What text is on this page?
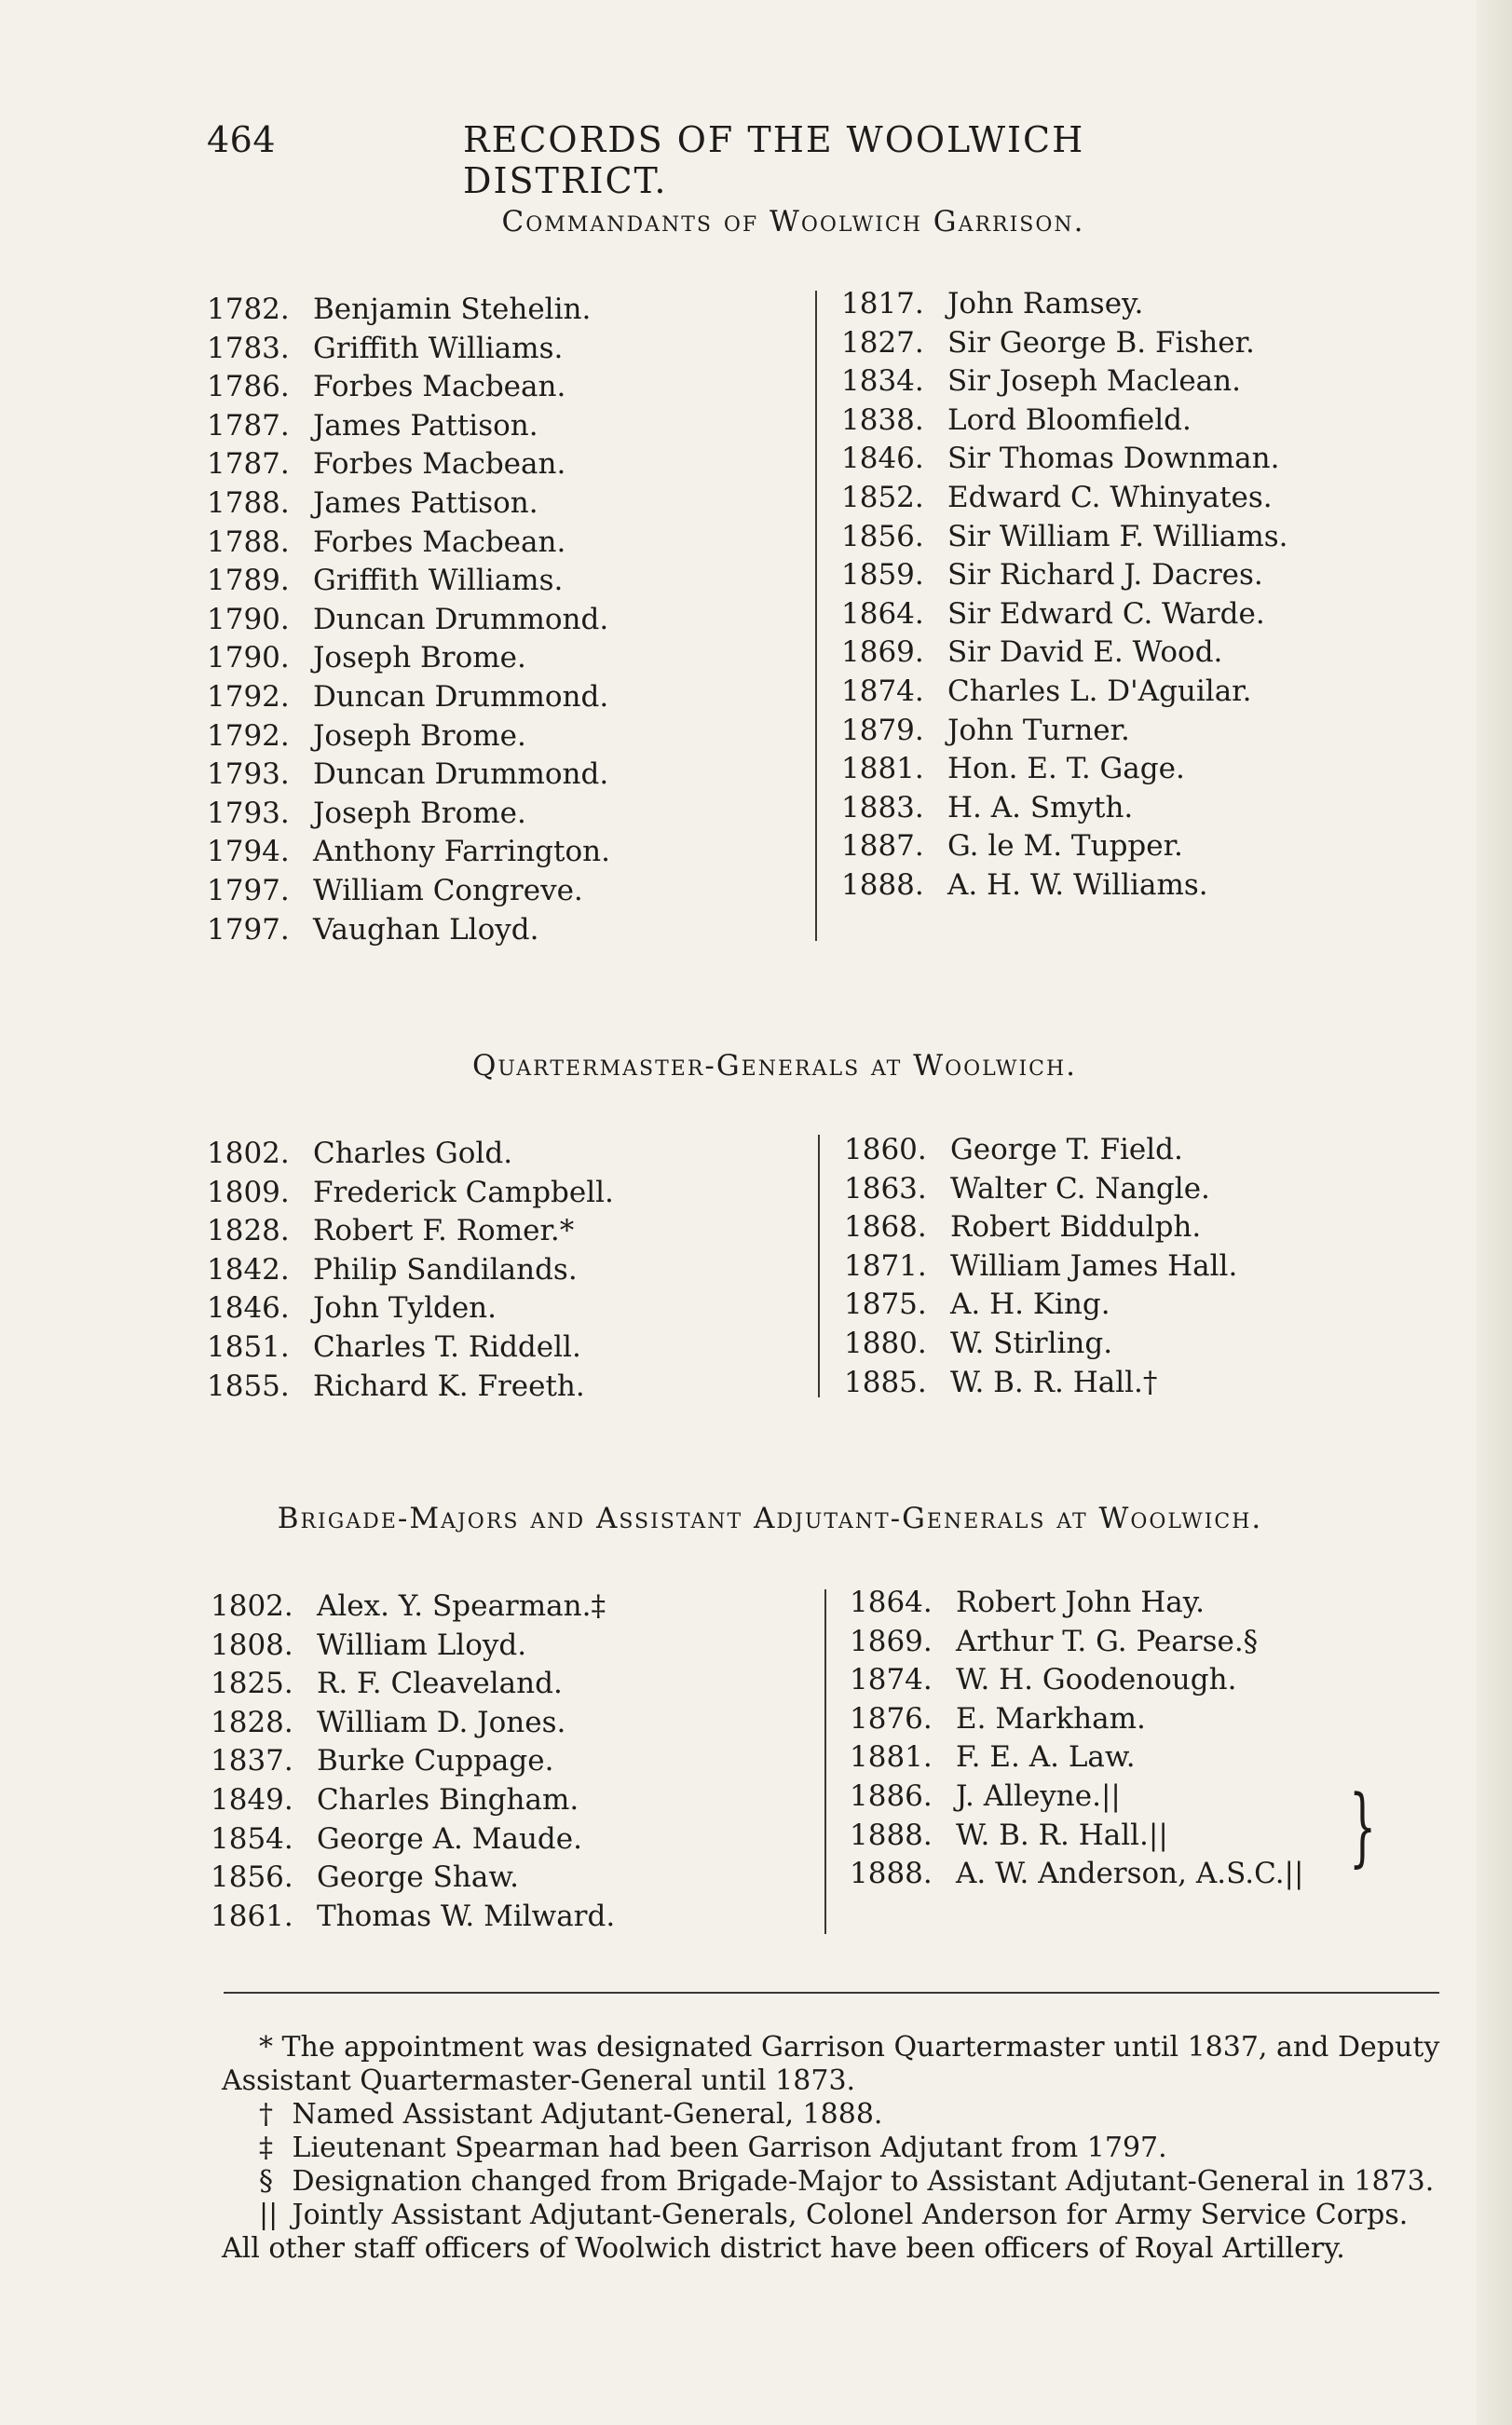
464	RECORDS OF THE WOOLWICH DISTRICT.
Commandants of Woolwich Garrison.
1782. Benjamin Stehelin.
1783. Griffith Williams.
1786. Forbes Macbean.
1787. James Pattison.
1787. Forbes Macbean.
1788. James Pattison.
1788. Forbes Macbean.
1789. Griffith Williams.
1790. Duncan Drummond.
1790. Joseph Brome.
1792. Duncan Drummond.
1792. Joseph Brome.
1793. Duncan Drummond.
1793. Joseph Brome.
1794. Anthony Farrington.
1797. William Congreve.
1797. Vaughan Lloyd.
1817. John Ramsey.
1827. Sir George B. Fisher.
1834. Sir Joseph Maclean.
1838. Lord Bloomfield.
1846. Sir Thomas Downman.
1852. Edward C. Whinyates.
1856. Sir William F. Williams.
1859. Sir Richard J. Dacres.
1864. Sir Edward C. Warde.
1869. Sir David E. Wood.
1874. Charles L. D'Aguilar.
1879. John Turner.
1881. Hon. E. T. Gage.
1883. H. A. Smyth.
1887. G. le M. Tupper.
1888. A. H. W. Williams.
Quartermaster-Generals at Woolwich.
1802. Charles Gold.
1809. Frederick Campbell.
1828. Robert F. Romer.*
1842. Philip Sandilands.
1846. John Tylden.
1851. Charles T. Riddell.
1855. Richard K. Freeth.
1860. George T. Field.
1863. Walter C. Nangle.
1868. Robert Biddulph.
1871. William James Hall.
1875. A. H. King.
1880. W. Stirling.
1885. W. B. R. Hall.†
Brigade-Majors and Assistant Adjutant-Generals at Woolwich.
1802. Alex. Y. Spearman.‡
1808. William Lloyd.
1825. R. F. Cleaveland.
1828. William D. Jones.
1837. Burke Cuppage.
1849. Charles Bingham.
1854. George A. Maude.
1856. George Shaw.
1861. Thomas W. Milward.
1864. Robert John Hay.
1869. Arthur T. G. Pearse.§
1874. W. H. Goodenough.
1876. E. Markham.
1881. F. E. A. Law.
1886. J. Alleyne.||
1888. W. B. R. Hall.||
1888. A. W. Anderson, A.S.C.|| }

* The appointment was designated Garrison Quartermaster until 1837, and Deputy

Assistant Quartermaster-General until 1873.

† Named Assistant Adjutant-General, 1888.

‡ Lieutenant Spearman had been Garrison Adjutant from 1797.

§ Designation changed from Brigade-Major to Assistant Adjutant-General in 1873.

|| Jointly Assistant Adjutant-Generals, Colonel Anderson for Army Service Corps.

All other staff officers of Woolwich district have been officers of Royal Artillery.
